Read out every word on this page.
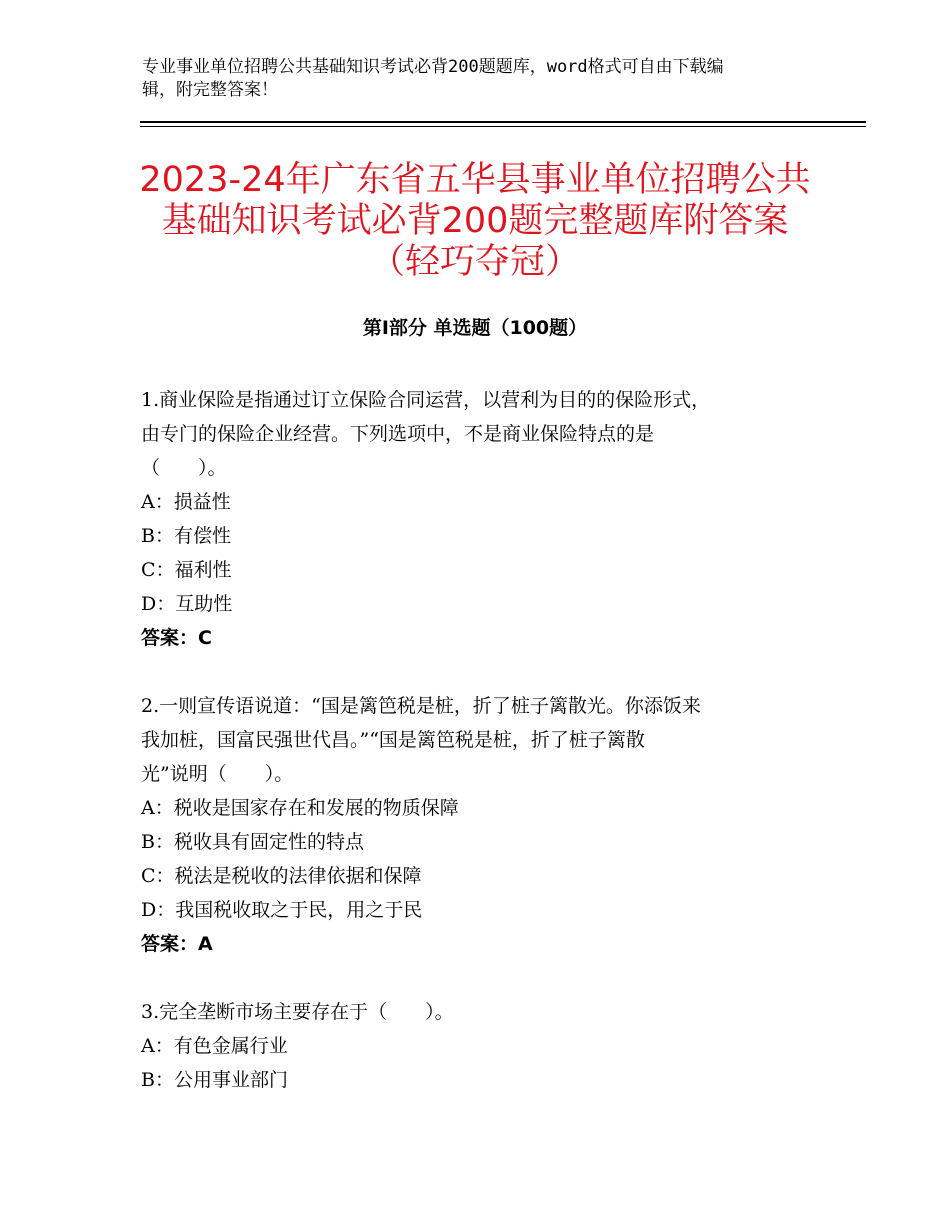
专业事业单位招聘公共基础知识考试必背200题题库，word格式可自由下载编
辑，附完整答案！
2023-24年广东省五华县事业单位招聘公共
基础知识考试必背200题完整题库附答案
（轻巧夺冠）
第Ⅰ部分 单选题（100题）

1.商业保险是指通过订立保险合同运营，以营利为目的的保险形式，

由专门的保险企业经营。下列选项中，不是商业保险特点的是

（　　）。

A：损益性

B：有偿性

C：福利性

D：互助性

答案：C

2.一则宣传语说道：“国是篱笆税是桩，折了桩子篱散光。你添饭来

我加桩，国富民强世代昌。”“国是篱笆税是桩，折了桩子篱散

光”说明（　　）。

A：税收是国家存在和发展的物质保障

B：税收具有固定性的特点

C：税法是税收的法律依据和保障

D：我国税收取之于民，用之于民

答案：A

3.完全垄断市场主要存在于（　　）。

A：有色金属行业

B：公用事业部门
